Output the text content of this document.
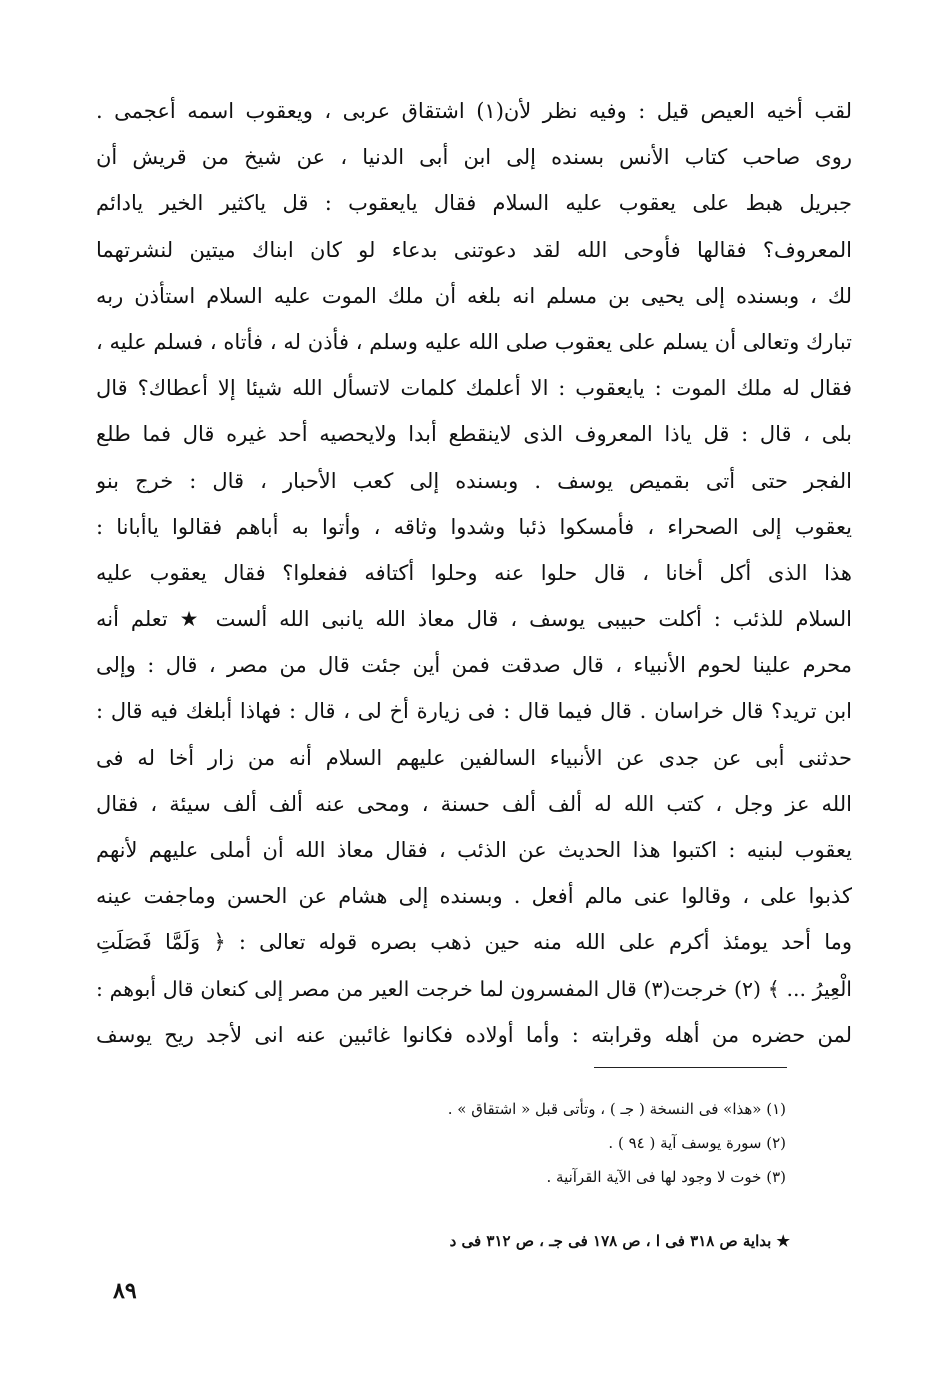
لقب أخيه العيص قيل : وفيه نظر لأن(١) اشتقاق عربى ، ويعقوب اسمه أعجمى .
روى صاحب كتاب الأنس بسنده إلى ابن أبى الدنيا ، عن شيخ من قريش أن
جبريل هبط على يعقوب عليه السلام فقال يايعقوب : قل ياكثير الخير يادائم
المعروف؟ فقالها فأوحى الله لقد دعوتنى بدعاء لو كان ابناك ميتين لنشرتهما
لك ، وبسنده إلى يحيى بن مسلم انه بلغه أن ملك الموت عليه السلام استأذن ربه
تبارك وتعالى أن يسلم على يعقوب صلى الله عليه وسلم ، فأذن له ، فأتاه ، فسلم عليه ،
فقال له ملك الموت : يايعقوب : الا أعلمك كلمات لاتسأل الله شيئا إلا أعطاك؟ قال
بلى ، قال : قل ياذا المعروف الذى لاينقطع أبدا ولايحصيه أحد غيره قال فما طلع
الفجر حتى أتى بقميص يوسف . وبسنده إلى كعب الأحبار ، قال : خرج بنو
يعقوب إلى الصحراء ، فأمسكوا ذئبا وشدوا وثاقه ، وأتوا به أباهم فقالوا ياأبانا :
هذا الذى أكل أخانا ، قال حلوا عنه وحلوا أكتافه ففعلوا؟ فقال يعقوب عليه
السلام للذئب : أكلت حبيبى يوسف ، قال معاذ الله يانبى الله ألست ★ تعلم أنه
محرم علينا لحوم الأنبياء ، قال صدقت فمن أين جئت قال من مصر ، قال : وإلى
ابن تريد؟ قال خراسان . قال فيما قال : فى زيارة أخ لى ، قال : فهاذا أبلغك فيه قال :
حدثنى أبى عن جدى عن الأنبياء السالفين عليهم السلام أنه من زار أخا له فى
الله عز وجل ، كتب الله له ألف ألف حسنة ، ومحى عنه ألف ألف سيئة ، فقال
يعقوب لبنيه : اكتبوا هذا الحديث عن الذئب ، فقال معاذ الله أن أملى عليهم لأنهم
كذبوا على ، وقالوا عنى مالم أفعل . وبسنده إلى هشام عن الحسن وماجفت عينه
وما أحد يومئذ أكرم على الله منه حين ذهب بصره قوله تعالى : ﴿ وَلَمَّا فَصَلَتِ
الْعِيرُ ... ﴾ (٢) خرجت(٣) قال المفسرون لما خرجت العير من مصر إلى كنعان قال أبوهم :
لمن حضره من أهله وقرابته : وأما أولاده فكانوا غائبين عنه انى لأجد ريح يوسف
(١) «هذا» فى النسخة ( جـ ) ، وتأتى قبل « اشتقاق » .
(٢) سورة يوسف آية ( ٩٤ ) .
(٣) خوت لا وجود لها فى الآية القرآنية .
★ بداية ص ٣١٨ فى ا ، ص ١٧٨ فى جـ ، ص ٣١٢ فى د
٨٩
